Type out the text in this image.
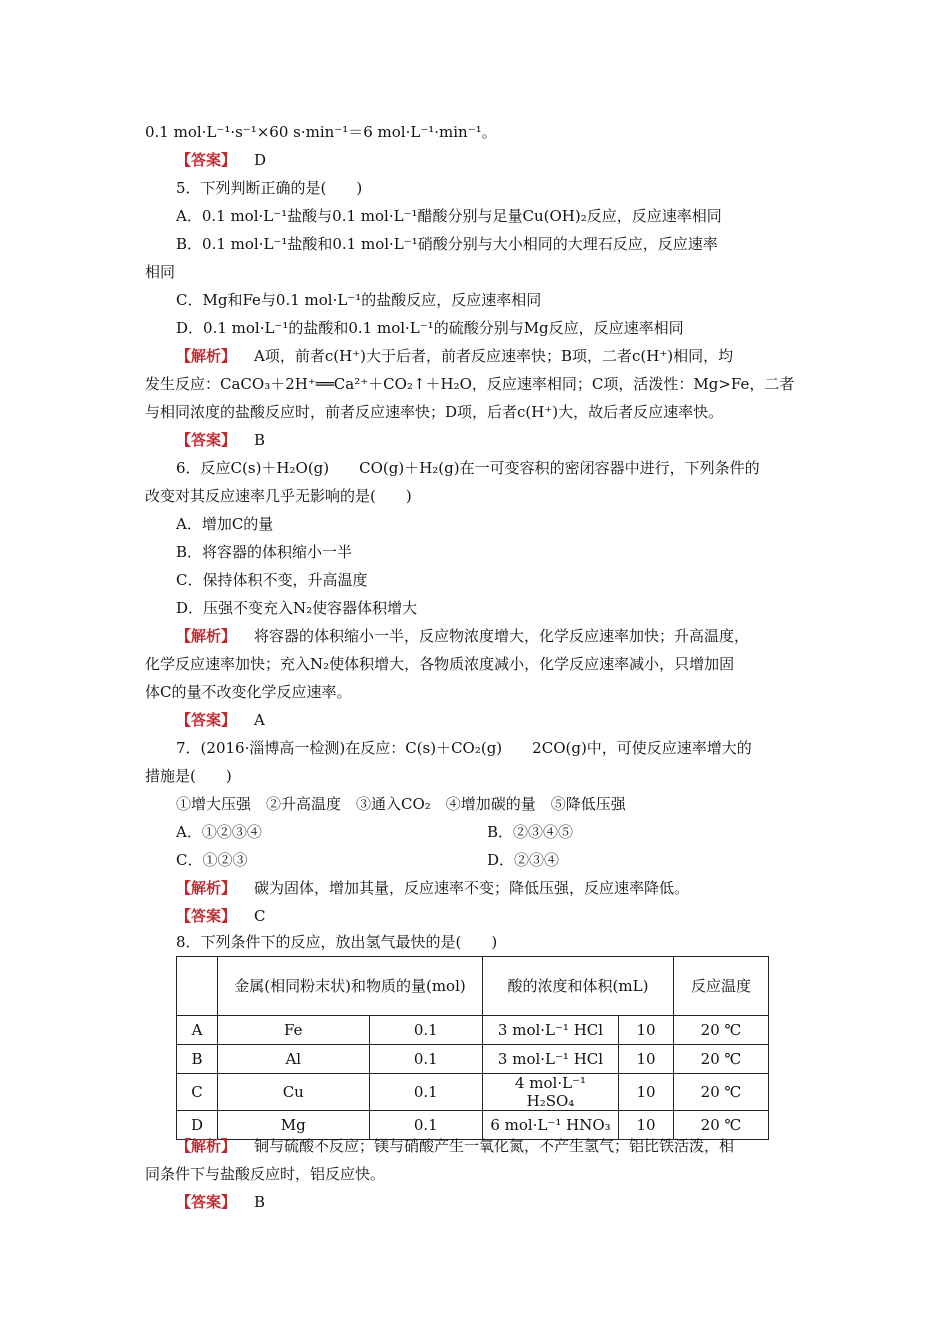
0.1 mol·L⁻¹·s⁻¹×60 s·min⁻¹＝6 mol·L⁻¹·min⁻¹。
【 答案 】 D
5．下列判断正确的是(　　)
A．0.1 mol·L⁻¹盐酸与0.1 mol·L⁻¹醋酸分别与足量Cu(OH)₂反应，反应速率相同
B．0.1 mol·L⁻¹盐酸和0.1 mol·L⁻¹硝酸分别与大小相同的大理石反应，反应速率
相同
C．Mg和Fe与0.1 mol·L⁻¹的盐酸反应，反应速率相同
D．0.1 mol·L⁻¹的盐酸和0.1 mol·L⁻¹的硫酸分别与Mg反应，反应速率相同
【 解析 】 A项，前者c(H⁺)大于后者，前者反应速率快；B项，二者c(H⁺)相同，均
发生反应：CaCO₃＋2H⁺══Ca²⁺＋CO₂↑＋H₂O，反应速率相同；C项，活泼性：Mg>Fe，二者
与相同浓度的盐酸反应时，前者反应速率快；D项，后者c(H⁺)大，故后者反应速率快。
【 答案 】 B
6．反应C(s)＋H₂O(g) CO(g)＋H₂(g)在一可变容积的密闭容器中进行，下列条件的
改变对其反应速率几乎无影响的是(　　)
A．增加C的量
B．将容器的体积缩小一半
C．保持体积不变，升高温度
D．压强不变充入N₂使容器体积增大
【 解析 】 将容器的体积缩小一半，反应物浓度增大，化学反应速率加快；升高温度，
化学反应速率加快；充入N₂使体积增大，各物质浓度减小，化学反应速率减小，只增加固
体C的量不改变化学反应速率。
【 答案 】 A
7．(2016·淄博高一检测)在反应：C(s)＋CO₂(g) 2CO(g)中，可使反应速率增大的
措施是(　　)
①增大压强　②升高温度　③通入CO₂　④增加碳的量　⑤降低压强
A．①②③④	B．②③④⑤
C．①②③	D．②③④
【 解析 】 碳为固体，增加其量，反应速率不变；降低压强，反应速率降低。
【 答案 】 C
8．下列条件下的反应，放出氢气最快的是(　　)
	金属(相同粉末状)和物质的量(mol)		酸的浓度和体积(mL)		反应温度
A	Fe	0.1	3 mol·L⁻¹ HCl	10	20 ℃
B	Al	0.1	3 mol·L⁻¹ HCl	10	20 ℃
C	Cu	0.1	4 mol·L⁻¹ H₂SO₄	10	20 ℃
D	Mg	0.1	6 mol·L⁻¹ HNO₃	10	20 ℃
【 解析 】 铜与硫酸不反应；镁与硝酸产生一氧化氮，不产生氢气；铝比铁活泼，相
同条件下与盐酸反应时，铝反应快。
【 答案 】 B
